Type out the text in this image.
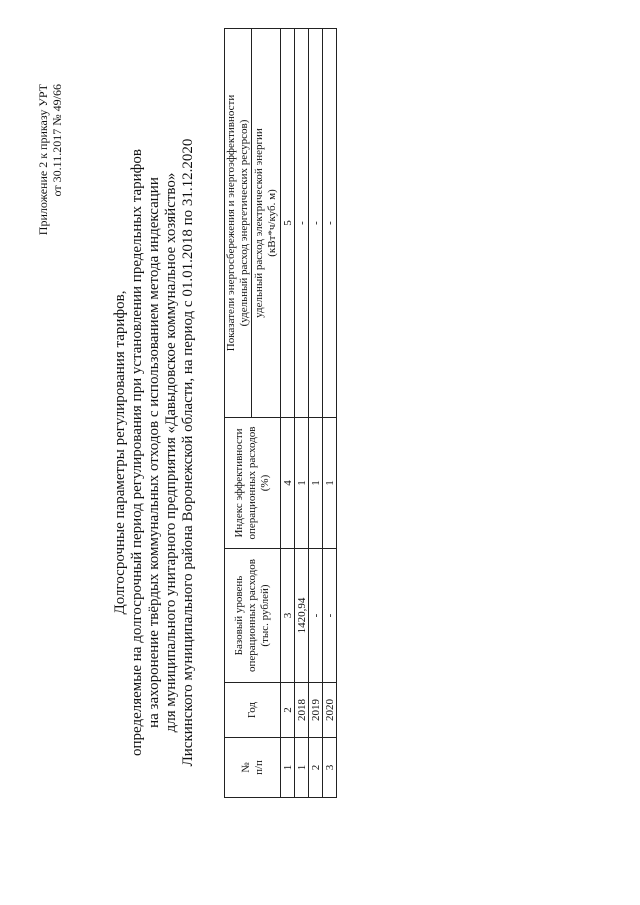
Приложение 2 к приказу УРТ от 30.11.2017 № 49/66
Долгосрочные параметры регулирования тарифов, определяемые на долгосрочный период регулирования при установлении предельных тарифов на захоронение твёрдых коммунальных отходов с использованием метода индексации для муниципального унитарного предприятия «Давыдовское коммунальное хозяйство» Лискинского муниципального района Воронежской области, на период с 01.01.2018 по 31.12.2020
№ п/п	Год	Базовый уровень операционных расходов (тыс. рублей)	Индекс эффективности операционных расходов (%)	Показатели энергосбережения и энергоэффективности (удельный расход энергетических ресурсов)

				удельный расход электрической энергии (кВт*ч/куб. м)

1	2	3	4	5
1	2018	1420,94	1	-
2	2019	-	1	-
3	2020	-	1	-
